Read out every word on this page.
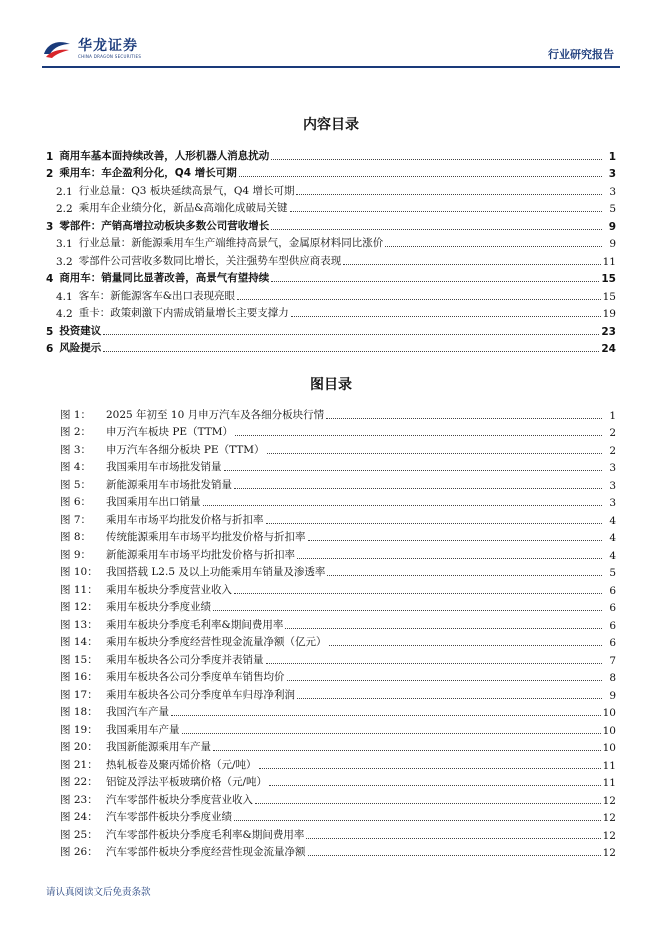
华龙证券
CHINA DRAGON SECURITIES	行业研究报告
内容目录
1 商用车基本面持续改善，人形机器人消息扰动	1
2 乘用车：车企盈利分化，Q4 增长可期	3
2.1 行业总量：Q3 板块延续高景气，Q4 增长可期	3
2.2 乘用车企业绩分化，新品&高端化成破局关键	5
3 零部件：产销高增拉动板块多数公司营收增长	9
3.1 行业总量：新能源乘用车生产端维持高景气，金属原材料同比涨价	9
3.2 零部件公司营收多数同比增长，关注强势车型供应商表现	11
4 商用车：销量同比显著改善，高景气有望持续	15
4.1 客车：新能源客车&出口表现亮眼	15
4.2 重卡：政策刺激下内需成销量增长主要支撑力	19
5 投资建议	23
6 风险提示	24
图目录
图 1：	2025 年初至 10 月申万汽车及各细分板块行情	1
图 2：	申万汽车板块 PE（TTM）	2
图 3：	申万汽车各细分板块 PE（TTM）	2
图 4：	我国乘用车市场批发销量	3
图 5：	新能源乘用车市场批发销量	3
图 6：	我国乘用车出口销量	3
图 7：	乘用车市场平均批发价格与折扣率	4
图 8：	传统能源乘用车市场平均批发价格与折扣率	4
图 9：	新能源乘用车市场平均批发价格与折扣率	4
图 10： 我国搭载 L2.5 及以上功能乘用车销量及渗透率	5
图 11： 乘用车板块分季度营业收入	6
图 12： 乘用车板块分季度业绩	6
图 13： 乘用车板块分季度毛利率&期间费用率	6
图 14： 乘用车板块分季度经营性现金流量净额（亿元）	6
图 15： 乘用车板块各公司分季度并表销量	7
图 16： 乘用车板块各公司分季度单车销售均价	8
图 17： 乘用车板块各公司分季度单车归母净利润	9
图 18： 我国汽车产量	10
图 19： 我国乘用车产量	10
图 20： 我国新能源乘用车产量	10
图 21： 热轧板卷及聚丙烯价格（元/吨）	11
图 22： 铝锭及浮法平板玻璃价格（元/吨）	11
图 23： 汽车零部件板块分季度营业收入	12
图 24： 汽车零部件板块分季度业绩	12
图 25： 汽车零部件板块分季度毛利率&期间费用率	12
图 26： 汽车零部件板块分季度经营性现金流量净额	12
请认真阅读文后免责条款
